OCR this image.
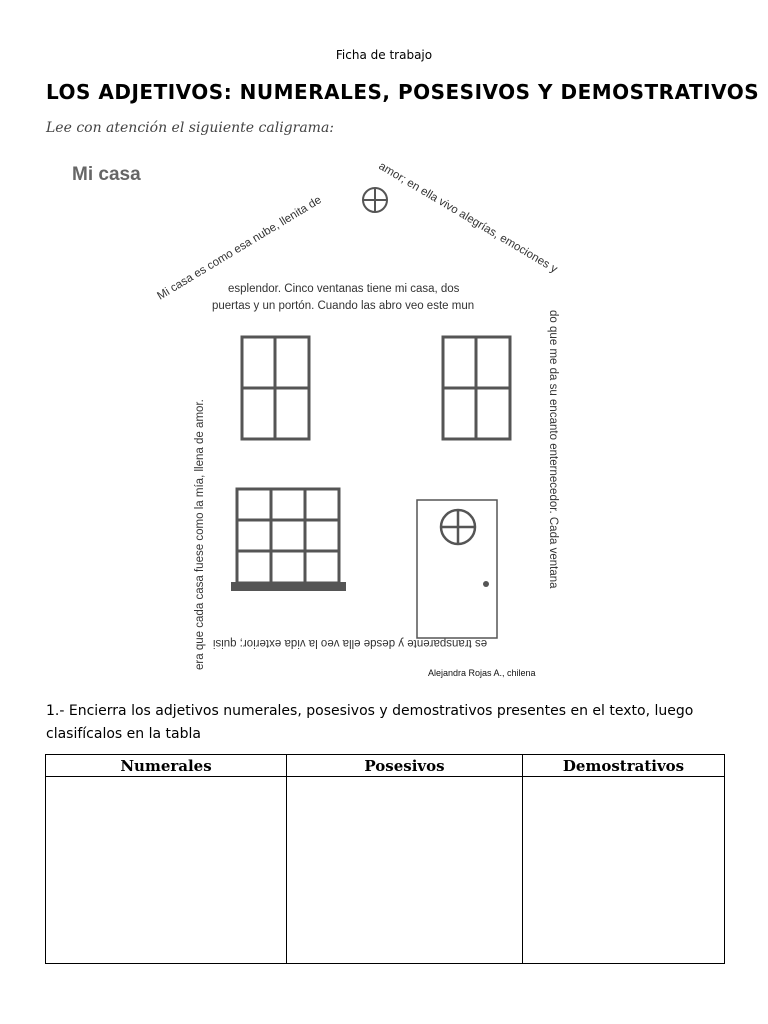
Ficha de trabajo
LOS ADJETIVOS: NUMERALES, POSESIVOS Y DEMOSTRATIVOS
Lee con atención el siguiente caligrama:
Mi casa
Mi casa es como esa nube, llenita de
amor; en ella vivo alegrías, emociones y
esplendor. Cinco ventanas tiene mi casa, dos
puertas y un portón. Cuando las abro veo este mun
do que me da su encanto enternecedor. Cada ventana
es transparente y desde ella veo la vida exterior; quisi
era que cada casa fuese como la mía, llena de amor.
Alejandra Rojas A., chilena
1.- Encierra los adjetivos numerales, posesivos y demostrativos presentes en el texto, luego clasifícalos en la tabla
Numerales	Posesivos	Demostrativos
